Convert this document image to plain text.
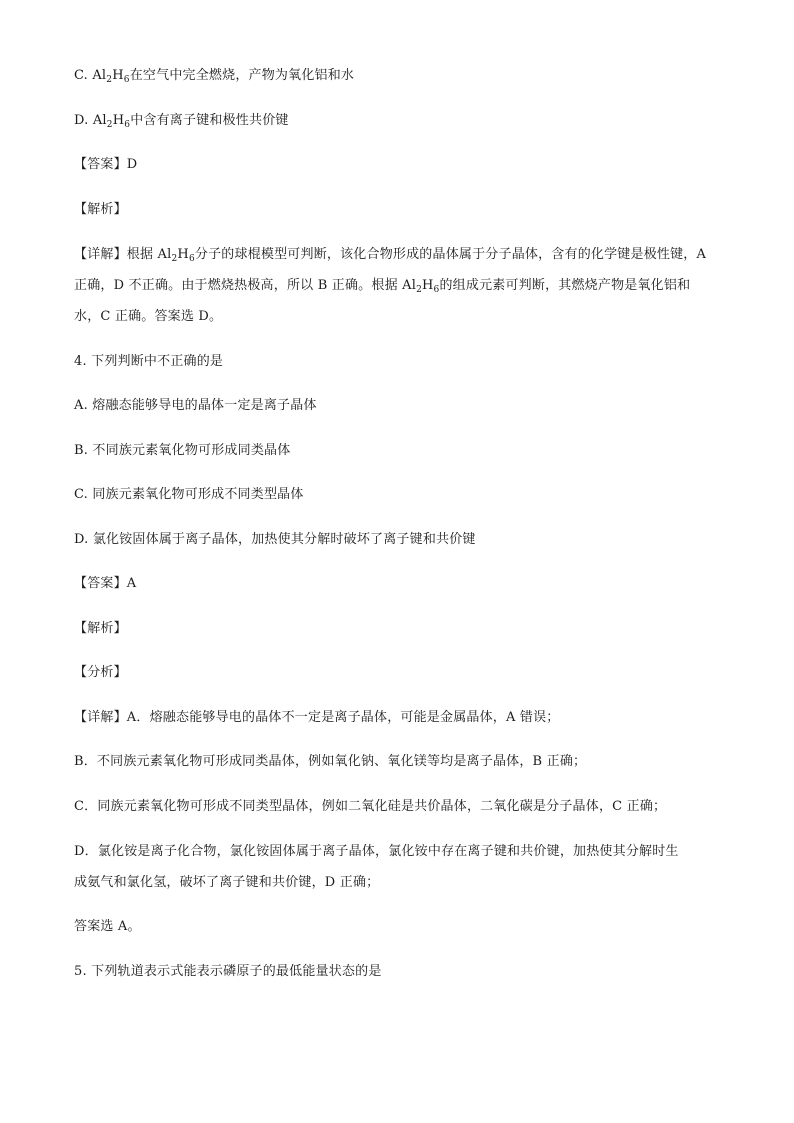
C. $Al_2H_6$在空气中完全燃烧，产物为氧化铝和水
D. $Al_2H_6$中含有离子键和极性共价键
【答案】D
【解析】
【详解】根据 $Al_2H_6$分子的球棍模型可判断，该化合物形成的晶体属于分子晶体，含有的化学键是极性键，A
正确，D 不正确。由于燃烧热极高，所以 B 正确。根据 $Al_2H_6$的组成元素可判断，其燃烧产物是氧化铝和
水，C 正确。答案选 D。
4. 下列判断中不正确的是
A. 熔融态能够导电的晶体一定是离子晶体
B. 不同族元素氧化物可形成同类晶体
C. 同族元素氧化物可形成不同类型晶体
D. 氯化铵固体属于离子晶体，加热使其分解时破坏了离子键和共价键
【答案】A
【解析】
【分析】
【详解】A．熔融态能够导电的晶体不一定是离子晶体，可能是金属晶体，A 错误；
B．不同族元素氧化物可形成同类晶体，例如氧化钠、氧化镁等均是离子晶体，B 正确；
C．同族元素氧化物可形成不同类型晶体，例如二氧化硅是共价晶体，二氧化碳是分子晶体，C 正确；
D．氯化铵是离子化合物，氯化铵固体属于离子晶体，氯化铵中存在离子键和共价键，加热使其分解时生
成氨气和氯化氢，破坏了离子键和共价键，D 正确；
答案选 A。
5. 下列轨道表示式能表示磷原子的最低能量状态的是
